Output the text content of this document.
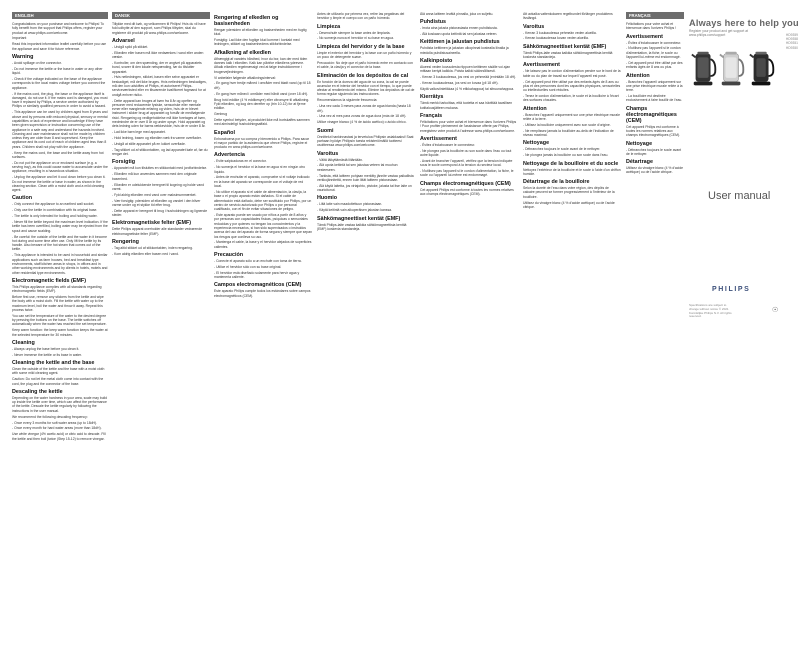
ENGLISH

Congratulations on your purchase and welcome to Philips! To fully benefit from the support that Philips offers, register your product at www.philips.com/welcome.

Important

Read this important information leaflet carefully before you use the appliance and save it for future reference.

Warning

- Avoid spillage on the connector.

- Do not immerse the kettle or the base in water or any other liquid.

- Check if the voltage indicated on the base of the appliance corresponds to the local mains voltage before you connect the appliance.

- If the mains cord, the plug, the base or the appliance itself is damaged, do not use it. If the mains cord is damaged, you must have it replaced by Philips, a service center authorized by Philips or similarly qualified persons in order to avoid a hazard.

- This appliance can be used by children aged from 8 years and above and by persons with reduced physical, sensory or mental capabilities or lack of experience and knowledge if they have been given supervision or instruction concerning use of the appliance in a safe way and understand the hazards involved. Cleaning and user maintenance shall not be made by children unless they are older than 8 and supervised. Keep the appliance and its cord out of reach of children aged less than 8 years. Children shall not play with the appliance.

- Keep the mains cord, the base and the kettle away from hot surfaces.

- Do not put the appliance on or enclosed surface (e.g. a serving tray), as this could cause water to accumulate under the appliance, resulting in a hazardous situation.

- Unplug the appliance and let it cool down before you clean it. Do not immerse the kettle or base in water, as shown in the cleaning section. Clean with a moist cloth and a mild cleaning agent.

Caution

- Only connect the appliance to an earthed wall socket.

- Only use the kettle in combination with its original base.

- The kettle is only intended for boiling and holding water.

- Never fill the kettle beyond the maximum level indication. If the kettle has been overfilled, boiling water may be ejected from the spout and cause scalding.

- Be careful: the outside of the kettle and the water in it become hot during and some time after use. Only lift the kettle by its handle. Also beware of the hot steam that comes out of the kettle.

- This appliance is intended to be used in household and similar applications such as farm houses, bed and breakfast type environments, staff kitchen areas in shops, in offices and in other working environments and by clients in hotels, motels and other residential type environments.

Electromagnetic fields (EMF)

This Philips appliance complies with all standards regarding electromagnetic fields (EMF).

Before first use, remove any stickers from the kettle and wipe the body with a moist cloth. Fill the kettle with water up to the maximum level, boil the water and throw it away. Repeat this process twice.

You can set the temperature of the water to the desired degree by pressing the buttons on the base. The kettle switches off automatically when the water has reached the set temperature.

Keep warm function: the keep warm function keeps the water at the selected temperature for 30 minutes.

Cleaning

- Always unplug the base before you clean it.

- Never immerse the kettle or its base in water.

Cleaning the kettle and the base

Clean the outside of the kettle and the base with a moist cloth with some mild cleaning agent.

Caution: Do not let the metal cloth come into contact with the cord, the plug and the connector of the base.

Descaling the kettle

Depending on the water hardness in your area, scale may build up inside the kettle over time, which can affect the performance of the kettle. Descale the kettle regularly by following the instructions in the user manual.

We recommend the following descaling frequency:

- Once every 3 months for soft water areas (up to 18dH).

- Once every month for hard water areas (more than 18dH).

Use white vinegar (4% acetic acid) or citric acid to descale. Fill the kettle and then boil (twice (Step 15-12) to remove vinegar.

DANSK

Tillykke med dit køb, og velkommen til Philips! Hvis du vil have fuld udbytte af den support, som Philips tilbyder, skal du registrere dit produkt på www.philips.com/welcome.

Advarsel

- Undgå spild på stikket.

- Elkedlen eller basen må ikke nedsænkes i vand eller anden væske.

- Kontroller, om den spænding, der er angivet på apparatets bund, svarer til den lokale netspænding, før du tilslutter apparatet.

- Hvis netledningen, stikket, basen eller selve apparatet er beskadiget, må det ikke bruges. Hvis netledningen beskadiges, må den kun udskiftes af Philips, et autoriseret Philips-serviceværksted eller en tilsvarende kvalificeret fagmand for at undgå enhver risiko.

- Dette apparat kan bruges af børn fra 8 år og opefter og personer med reducerede fysiske, sensoriske eller mentale evner eller manglende erfaring og viden, hvis de er blevet instrueret i sikker brug af apparatet og forstår de medfølgende risici. Rengøring og vedligeholdelse må ikke foretages af børn, medmindre de er over 8 år og under opsyn. Hold apparatet og dets ledning uden for børns rækkevidde, hvis de er under 8 år.

- Lad ikke børn lege med apparatet.

- Hold ledning, basen og elkedlen væk fra varme overflader.

- Undgå at stille apparatet på en lukket overflade.

- Tag stikket ud af stikkontakten, og lad apparatet køle af, før du rengør det.

Forsigtig

- Apparatet må kun tilsluttes en stikkontakt med jordforbindelse.

- Elkedlen må kun anvendes sammen med den originale basenhed.

- Elkedlen er udelukkende beregnet til kogning og holde vand varmt.

- Fyld aldrig elkedlen med vand over maksimummærket.

- Vær forsigtig: ydersiden af elkedlen og vandet i den bliver varme under og et stykke tid efter brug.

- Dette apparat er beregnet til brug i husholdningen og lignende steder.

Elektromagnetiske felter (EMF)

Dette Philips apparat overholder alle standarder vedrørende elektromagnetiske felter (EMF).

Rengøring

- Tag altid stikket ud af stikkontakten, inden rengøring.

- Kom aldrig elkedlen eller basen ned i vand.

Rengøring af elkedlen og basisenheden

Rengør ydersiden af elkedlen og basisenheden med en fugtig klud.

Forsigtig: Lad ikke den fugtige klud komme i kontakt med ledningen, stikket og basisenhedens stikforbindelse.

Afkalkning af elkedlen

Afhængigt af vandets hårdhed, hvor du bor, kan der med tiden dannes kalk i elkedlen. Kalk kan påvirke elkedlens ydeevne. Afkalk elkedlen regelmæssigt ved at følge instruktionerne i brugervejledningen.

Vi anbefaler følgende afkalkningsinterval:

- En gang hver tredje måned i områder med blødt vand (op til 18 dH).

- En gang hver måned i områder med hårdt vand (over 18 dH).

Brug hvid eddike (4 % eddikesyre) eller citronsyre til afkalkning. Fyld elkedlen, og kog den derefter op (trin 10-12) for at fjerne eddike.

Genbrug

Dette symbol betyder, at produktet ikke må bortskaffes sammen med almindeligt husholdningsaffald.

Español

Enhorabuena por su compra y bienvenido a Philips. Para sacar el mayor partido de la asistencia que ofrece Philips, registre el producto en www.philips.com/welcome.

Advertencia

- Evite salpicaduras en el conector.

- No sumerja el hervidor ni la base en agua ni en ningún otro líquido.

- Antes de enchufar el aparato, compruebe si el voltaje indicado en la base del aparato se corresponde con el voltaje de red local.

- No utilice el aparato si el cable de alimentación, la clavija, la base o el propio aparato están dañados. Si el cable de alimentación está dañado, debe ser sustituido por Philips, por un centro de servicio autorizado por Philips o por personal cualificado, con el fin de evitar situaciones de peligro.

- Este aparato puede ser usado por niños a partir de 8 años y por personas con capacidades físicas, psíquicas o sensoriales reducidas y por quienes no tengan los conocimientos y la experiencia necesarios, si han sido supervisados o instruidos acerca del uso del aparato de forma segura y siempre que sepan los riesgos que conlleva su uso.

- Mantenga el cable, la base y el hervidor alejados de superficies calientes.

Precaución

- Conecte el aparato sólo a un enchufe con toma de tierra.

- Utilice el hervidor sólo con su base original.

- El hervidor está diseñado solamente para hervir agua y mantenerla caliente.

Campos electromagnéticos (CEM)

Este aparato Philips cumple todos los estándares sobre campos electromagnéticos (CEM).

Antes de utilizarlo por primera vez, retire las pegatinas del hervidor y limpie el cuerpo con un paño húmedo.

Limpieza

- Desenchufe siempre la base antes de limpiarla.

- No sumerja nunca el hervidor ni su base en agua.

Limpieza del hervidor y de la base

Limpie el exterior del hervidor y la base con un paño húmedo y un poco de detergente suave.

Precaución: No deje que el paño húmedo entre en contacto con el cable, la clavija y el conector de la base.

Eliminación de los depósitos de cal

En función de la dureza del agua de su zona, la cal se puede acumular en el interior del hervidor con el tiempo, lo que puede afectar al rendimiento del mismo. Elimine los depósitos de cal de forma regular siguiendo las instrucciones.

Recomendamos la siguiente frecuencia:

- Una vez cada 3 meses para zonas de agua blanda (hasta 18 dH).

- Una vez al mes para zonas de agua dura (más de 18 dH).

Utilice vinagre blanco (4 % de ácido acético) o ácido cítrico.

Suomi

Onnittelut hankinnastasi ja tervetuloa Philipsin asiakkaaksi! Saat parhaan hyödyn Philipsin tuesta rekisteröimällä tuotteesi osoitteessa www.philips.com/welcome.

Varoitus

- Vältä läikyttämästä liitäntään.

- Älä upota keitintä tai sen jalustaa veteen tai muuhun nesteeseen.

- Tarkista, että laitteen pohjaan merkitty jännite vastaa paikallista verkkojännitettä, ennen kuin liität laitteen pistorasiaan.

- Älä käytä laitetta, jos virtajohto, pistoke, jalusta tai itse laite on vaurioitunut.

Huomio

- Liitä laite vain maadoitettuun pistorasiaan.

- Käytä keitintä vain alkuperäisen jalustan kanssa.

Sähkömagneettiset kentät (EMF)

Tämä Philips-laite vastaa kaikkia sähkömagneettisia kenttiä (EMF) koskevia standardeja.

Älä anna laitteen levätä pinnalla, joka on suljettu.

Puhdistus

- Irrota aina jalusta pistorasiasta ennen puhdistusta.

- Älä koskaan upota keitintä tai sen jalustaa veteen.

Keittimen ja jalustan puhdistus

Puhdista keittimen ja jalustan ulkopinnat kostealla liinalla ja miedolla puhdistusaineella.

Kalkinpoisto

Alueesi veden kovuudesta riippuen keittimen sisälle voi ajan mittaan kertyä kalkkia. Poista kalkki säännöllisesti.

- Kerran 3 kuukaudessa, jos vesi on pehmeää (enintään 18 dH).

- Kerran kuukaudessa, jos vesi on kovaa (yli 18 dH).

Käytä valkoviinietikkaa (4 % etikkahappoa) tai sitruunahappoa.

Kierrätys

Tämä merkki tarkoittaa, että tuotetta ei saa hävittää tavallisen kotitalousjätteen mukana.

Français

Félicitations pour votre achat et bienvenue dans l'univers Philips ! Pour profiter pleinement de l'assistance offerte par Philips, enregistrez votre produit à l'adresse www.philips.com/welcome.

Avertissement

- Évitez d'éclabousser le connecteur.

- Ne plongez pas la bouilloire ou son socle dans l'eau ou tout autre liquide.

- Avant de brancher l'appareil, vérifiez que la tension indiquée sous le socle correspond à la tension du secteur local.

- N'utilisez pas l'appareil si le cordon d'alimentation, la fiche, le socle ou l'appareil lui-même est endommagé.

Champs électromagnétiques (CEM)

Cet appareil Philips est conforme à toutes les normes relatives aux champs électromagnétiques (CEM).

Att avkalka vattenkokaren regelbundet förlänger produktens livslängd.

Varoitus

- Kerran 3 kuukaudessa pehmeän veden alueilla.

- Kerran kuukaudessa kovan veden alueilla.

Sähkömagneettiset kentät (EMF)

Tämä Philips-laite vastaa kaikkia sähkömagneettisia kenttiä koskevia standardeja.

Avertissement

- Ne laissez pas le cordon d'alimentation pendre sur le bord de la table ou du plan de travail sur lequel l'appareil est posé.

- Cet appareil peut être utilisé par des enfants âgés de 8 ans ou plus et des personnes dont les capacités physiques, sensorielles ou intellectuelles sont réduites.

- Tenez le cordon d'alimentation, le socle et la bouilloire à l'écart des surfaces chaudes.

Attention

- Branchez l'appareil uniquement sur une prise électrique murale reliée à la terre.

- Utilisez la bouilloire uniquement avec son socle d'origine.

- Ne remplissez jamais la bouilloire au-delà de l'indication de niveau maximal.

Nettoyage

- Débranchez toujours le socle avant de le nettoyer.

- Ne plongez jamais la bouilloire ou son socle dans l'eau.

Nettoyage de la bouilloire et du socle

Nettoyez l'extérieur de la bouilloire et le socle à l'aide d'un chiffon humide.

Détartrage de la bouilloire

Selon la dureté de l'eau dans votre région, des dépôts de calcaire peuvent se former progressivement à l'intérieur de la bouilloire.

Utilisez du vinaigre blanc (4 % d'acide acétique) ou de l'acide citrique.

FRANÇAIS

Félicitations pour votre achat et bienvenue dans l'univers Philips !

Avertissement

- Évitez d'éclabousser le connecteur.

- N'utilisez pas l'appareil si le cordon d'alimentation, la fiche, le socle ou l'appareil lui-même est endommagé.

- Cet appareil peut être utilisé par des enfants âgés de 8 ans ou plus.

Attention

- Branchez l'appareil uniquement sur une prise électrique murale reliée à la terre.

- La bouilloire est destinée exclusivement à faire bouillir de l'eau.

Champs électromagnétiques (CEM)

Cet appareil Philips est conforme à toutes les normes relatives aux champs électromagnétiques (CEM).

Nettoyage

- Débranchez toujours le socle avant de le nettoyer.

Détartrage

Utilisez du vinaigre blanc (4 % d'acide acétique) ou de l'acide citrique.

Always here to help you
Register your product and get support at www.philips.com/support	HD9359
HD9358
HD9351
HD9350
User manual
PHILIPS
Specifications are subject to change without notice © 2021 Koninklijke Philips N.V. All rights reserved.
☉
